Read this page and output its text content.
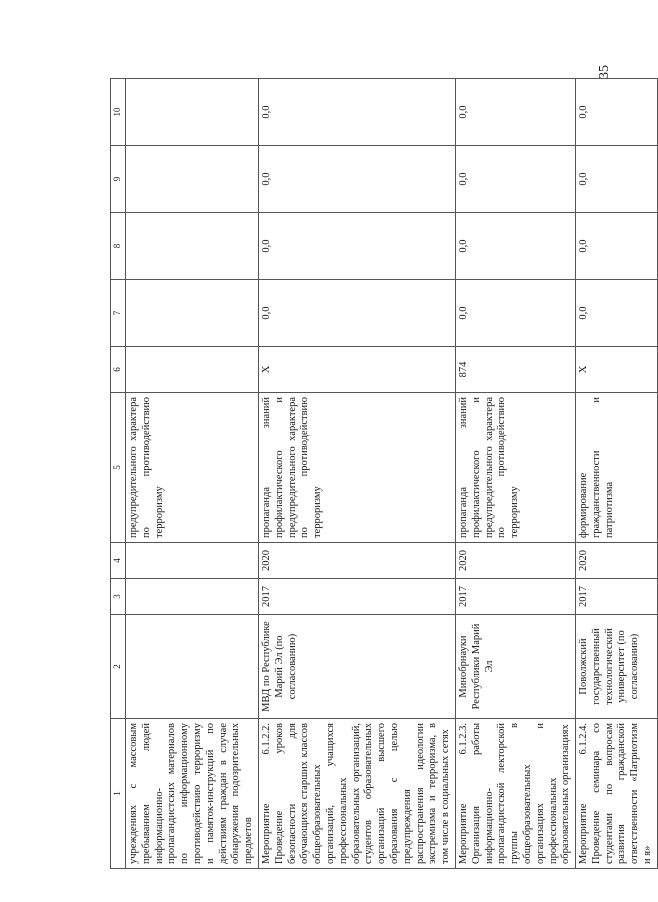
35
1	2	3	4	5	6	7	8	9	10
учреждениях с массовым пребыванием людей информационно-пропагандистских материалов по информационному противодействию терроризму и памяток-инструкций по действиям граждан в случае обнаружения подозрительных предметов				предупредительного характера по противодействию терроризму					
Мероприятие 6.1.2.2. Проведение уроков безопасности для обучающихся старших классов общеобразовательных организаций, учащихся профессиональных образовательных организаций, студентов образовательных организаций высшего образования с целью предупреждения распространения идеологии экстремизма и терроризма, в том числе в социальных сетях	МВД по Республике Марий Эл (по согласованию)	2017	2020	пропаганда знаний профилактического и предупредительного характера по противодействию терроризму	X	0,0	0,0	0,0	0,0
Мероприятие 6.1.2.3. Организация работы информационно-пропагандистской лекторской группы в общеобразовательных организациях и профессиональных образовательных организациях	Минобрнауки Республики Марий Эл	2017	2020	пропаганда знаний профилактического и предупредительного характера по противодействию терроризму	874	0,0	0,0	0,0	0,0
Мероприятие 6.1.2.4. Проведение семинара со студентами по вопросам развития гражданской ответственности «Патриотизм и я»	Поволжский государственный технологический университет (по согласованию)	2017	2020	формирование гражданственности и патриотизма	X	0,0	0,0	0,0	0,0
